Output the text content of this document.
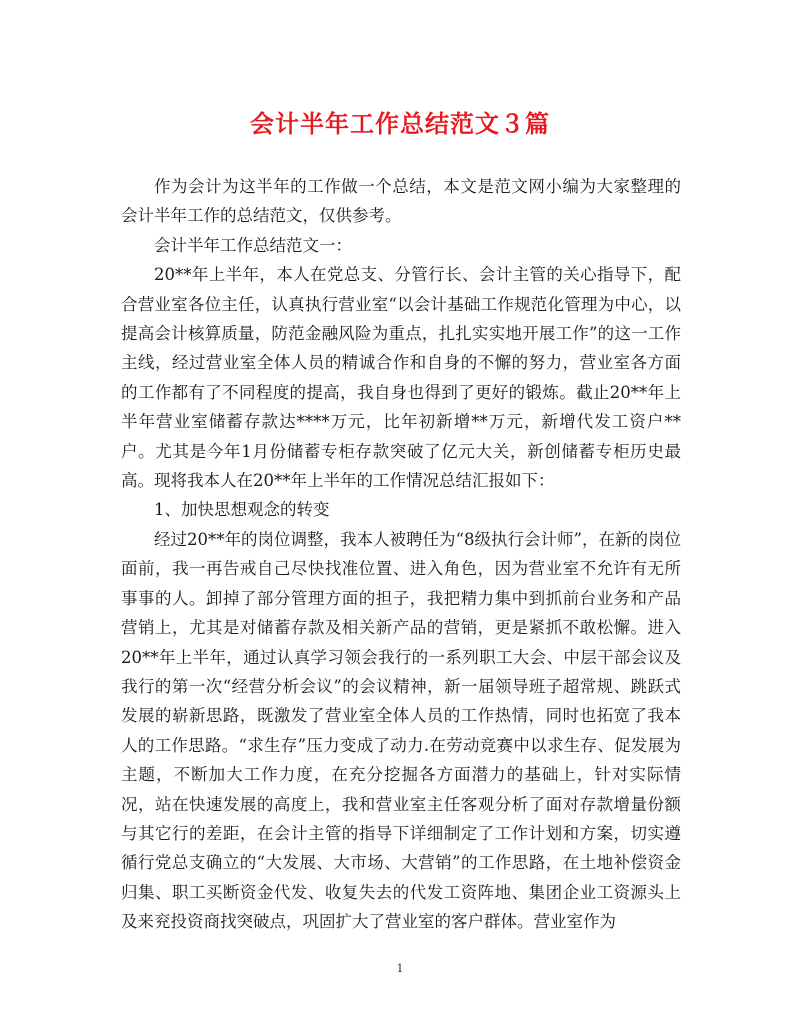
会计半年工作总结范文３篇

作为会计为这半年的工作做一个总结，本文是范文网小编为大家整理的会计半年工作的总结范文，仅供参考。

会计半年工作总结范文一：

20**年上半年，本人在党总支、分管行长、会计主管的关心指导下，配合营业室各位主任，认真执行营业室“以会计基础工作规范化管理为中心，以提高会计核算质量，防范金融风险为重点，扎扎实实地开展工作”的这一工作主线，经过营业室全体人员的精诚合作和自身的不懈的努力，营业室各方面的工作都有了不同程度的提高，我自身也得到了更好的锻炼。截止20**年上半年营业室储蓄存款达****万元，比年初新增**万元，新增代发工资户**户。尤其是今年1月份储蓄专柜存款突破了亿元大关，新创储蓄专柜历史最高。现将我本人在20**年上半年的工作情况总结汇报如下：

1、加快思想观念的转变

经过20**年的岗位调整，我本人被聘任为“8级执行会计师”，在新的岗位面前，我一再告戒自己尽快找准位置、进入角色，因为营业室不允许有无所事事的人。卸掉了部分管理方面的担子，我把精力集中到抓前台业务和产品营销上，尤其是对储蓄存款及相关新产品的营销，更是紧抓不敢松懈。进入20**年上半年，通过认真学习领会我行的一系列职工大会、中层干部会议及我行的第一次“经营分析会议”的会议精神，新一届领导班子超常规、跳跃式发展的崭新思路，既激发了营业室全体人员的工作热情，同时也拓宽了我本人的工作思路。“求生存”压力变成了动力.在劳动竞赛中以求生存、促发展为主题，不断加大工作力度，在充分挖掘各方面潜力的基础上，针对实际情况，站在快速发展的高度上，我和营业室主任客观分析了面对存款增量份额与其它行的差距，在会计主管的指导下详细制定了工作计划和方案，切实遵循行党总支确立的“大发展、大市场、大营销”的工作思路，在土地补偿资金归集、职工买断资金代发、收复失去的代发工资阵地、集团企业工资源头上及来兖投资商找突破点，巩固扩大了营业室的客户群体。营业室作为

1
